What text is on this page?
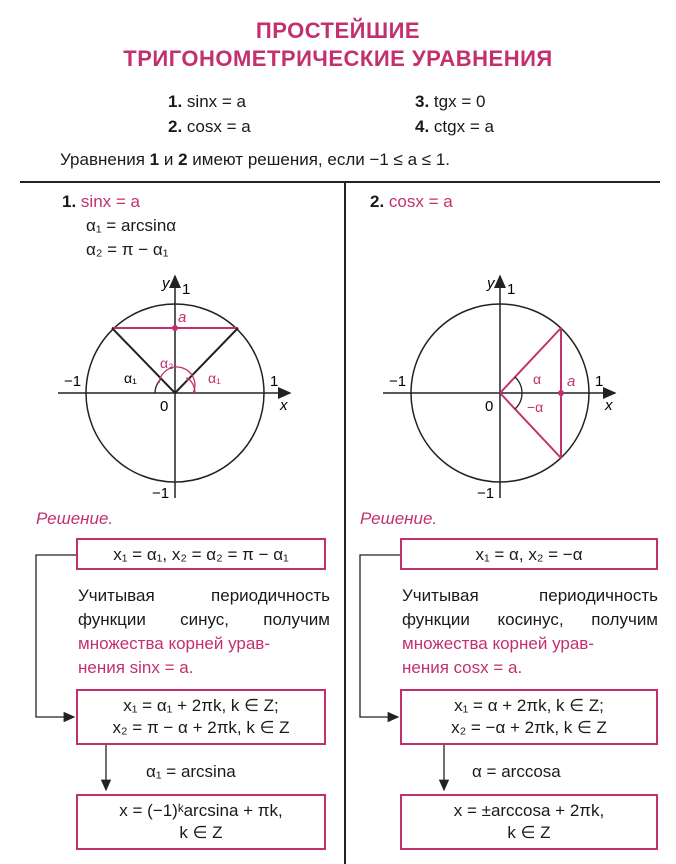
ПРОСТЕЙШИЕ
ТРИГОНОМЕТРИЧЕСКИЕ УРАВНЕНИЯ
1. sinx = a
2. cosx = a
3. tgx = 0
4. ctgx = a
Уравнения 1 и 2 имеют решения, если −1 ≤ a ≤ 1.
1. sinx = a
α₁ = arcsinα
α₂ = π − α₁
y 1
a
α₂
α₁	α₁
−1	1
0	x
−1
Решение.
x₁ = α₁, x₂ = α₂ = π − α₁
Учитывая периодичность функции синус, получим множества корней урав-
нения sinx = a.
x₁ = α₁ + 2πk, k ∈ Z;
x₂ = π − α + 2πk, k ∈ Z
α₁ = arcsina
x = (−1)ᵏarcsina + πk,
k ∈ Z
2. cosx = a
y 1
α
−α
a
−1	1
0	x
−1
Решение.
x₁ = α, x₂ = −α
Учитывая периодичность функции косинус, получим множества корней урав-
нения cosx = a.
x₁ = α + 2πk, k ∈ Z;
x₂ = −α + 2πk, k ∈ Z
α = arccosa
x = ±arccosa + 2πk,
k ∈ Z
